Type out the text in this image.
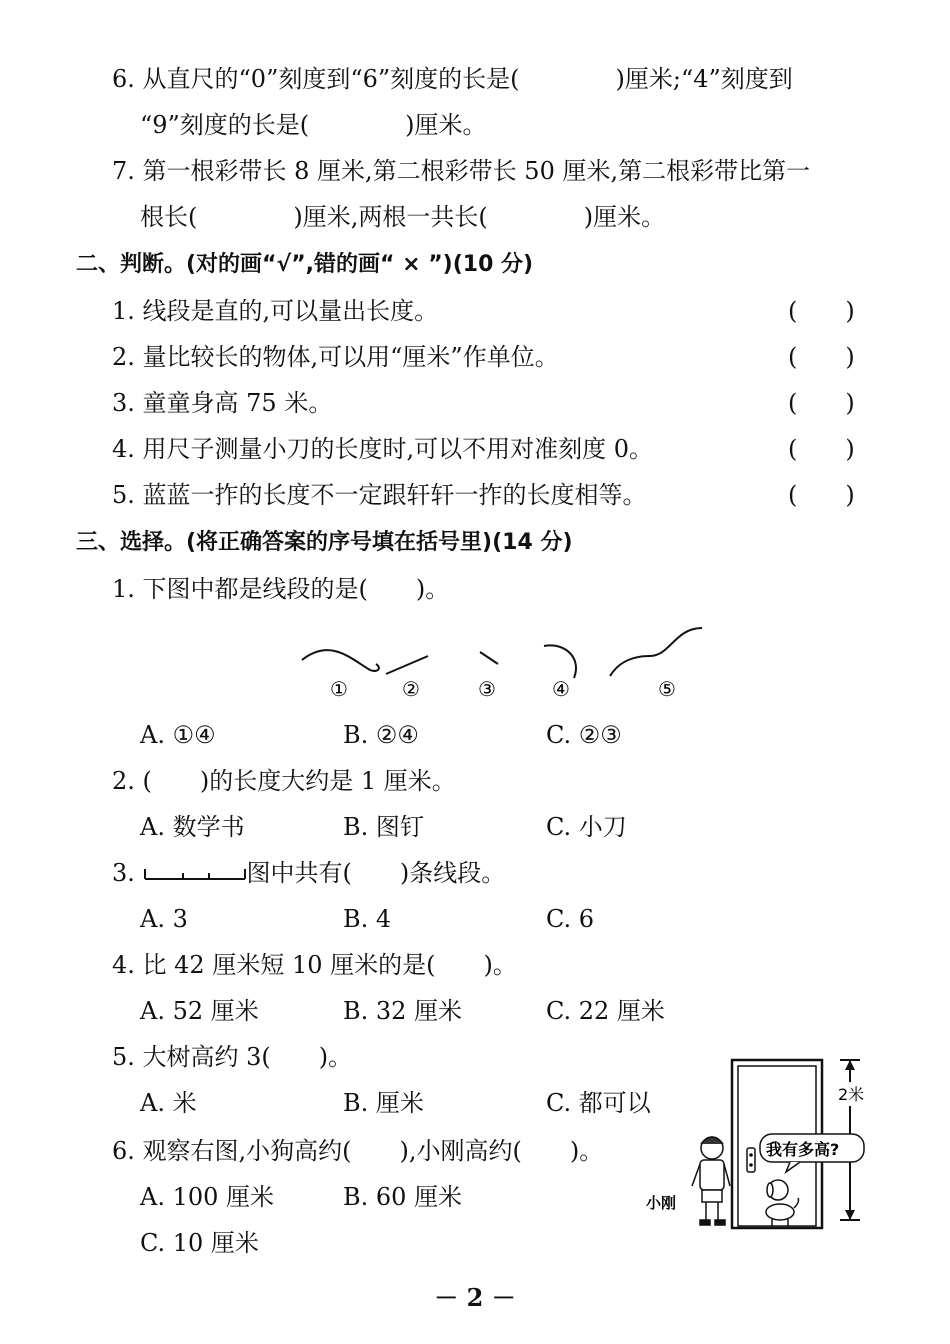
6. 从直尺的“0”刻度到“6”刻度的长是(　　　　)厘米;“4”刻度到
“9”刻度的长是(　　　　)厘米。
7. 第一根彩带长 8 厘米,第二根彩带长 50 厘米,第二根彩带比第一
根长(　　　　)厘米,两根一共长(　　　　)厘米。
二、判断。(对的画“√”,错的画“ × ”)(10 分)
1. 线段是直的,可以量出长度。	(　　)
2. 量比较长的物体,可以用“厘米”作单位。	(　　)
3. 童童身高 75 米。	(　　)
4. 用尺子测量小刀的长度时,可以不用对准刻度 0。	(　　)
5. 蓝蓝一拃的长度不一定跟轩轩一拃的长度相等。	(　　)
三、选择。(将正确答案的序号填在括号里)(14 分)
1. 下图中都是线段的是(　　)。
①	②	③	④	⑤
A. ①④	B. ②④	C. ②③
2. (　　)的长度大约是 1 厘米。
A. 数学书	B. 图钉	C. 小刀
3.	图中共有(　　)条线段。
A. 3	B. 4	C. 6
4. 比 42 厘米短 10 厘米的是(　　)。
A. 52 厘米	B. 32 厘米	C. 22 厘米
5. 大树高约 3(　　)。
A. 米	B. 厘米	C. 都可以
6. 观察右图,小狗高约(　　),小刚高约(　　)。
A. 100 厘米	B. 60 厘米
C. 10 厘米
2米
我有多高?
小刚
－ 2 －
